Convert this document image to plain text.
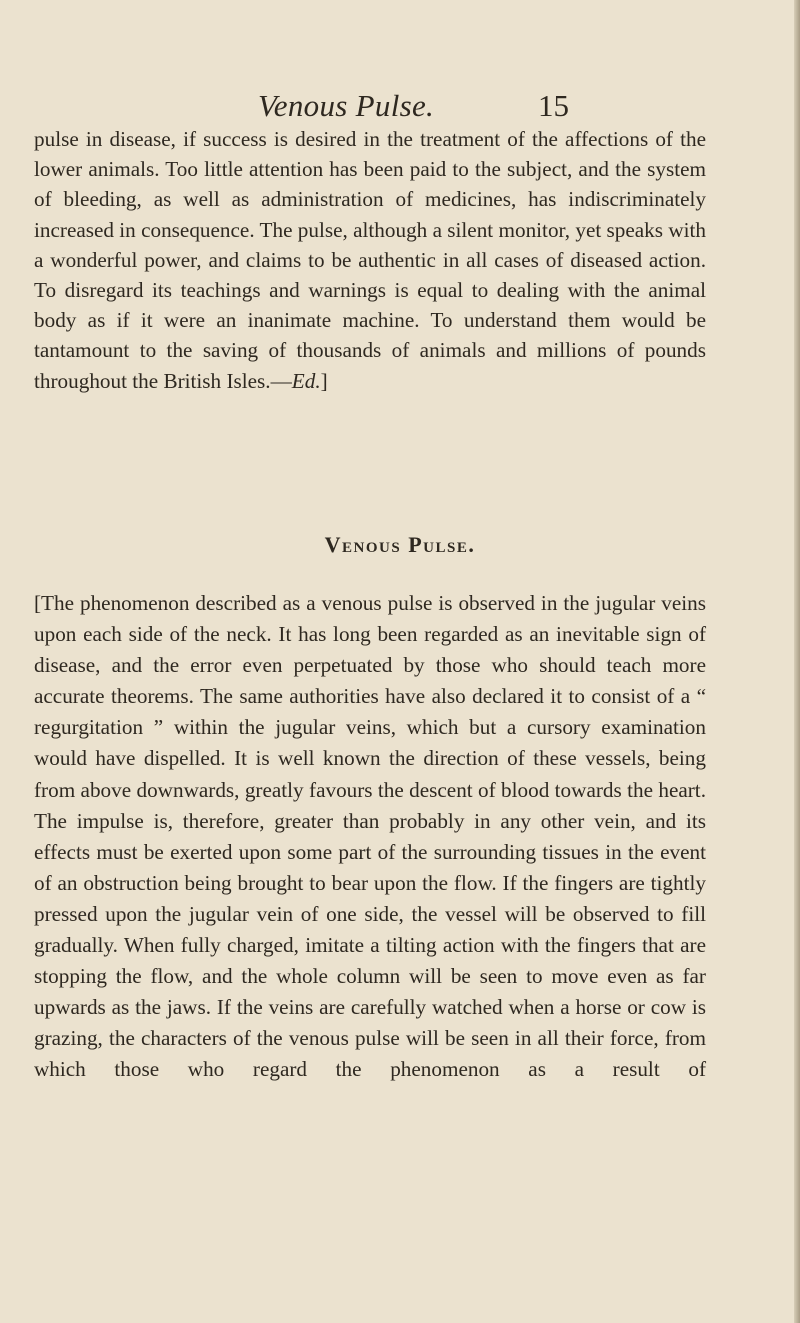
Venous Pulse.	15

pulse in disease, if success is desired in the treatment of the affections of the lower animals. Too little attention has been paid to the subject, and the system of bleeding, as well as administration of medicines, has indiscriminately increased in consequence. The pulse, although a silent monitor, yet speaks with a wonderful power, and claims to be authentic in all cases of diseased action. To disregard its teachings and warnings is equal to dealing with the animal body as if it were an inanimate machine. To understand them would be tantamount to the saving of thousands of animals and millions of pounds throughout the British Isles.—Ed.]

Venous Pulse.

[The phenomenon described as a venous pulse is observed in the jugular veins upon each side of the neck. It has long been regarded as an inevitable sign of disease, and the error even perpetuated by those who should teach more accurate theorems. The same authorities have also declared it to consist of a “ regurgitation ” within the jugular veins, which but a cursory examination would have dispelled. It is well known the direction of these vessels, being from above downwards, greatly favours the descent of blood towards the heart. The impulse is, therefore, greater than probably in any other vein, and its effects must be exerted upon some part of the surrounding tissues in the event of an obstruction being brought to bear upon the flow. If the fingers are tightly pressed upon the jugular vein of one side, the vessel will be observed to fill gradually. When fully charged, imitate a tilting action with the fingers that are stopping the flow, and the whole column will be seen to move even as far upwards as the jaws. If the veins are carefully watched when a horse or cow is grazing, the characters of the venous pulse will be seen in all their force, from which those who regard the phenomenon as a result of
